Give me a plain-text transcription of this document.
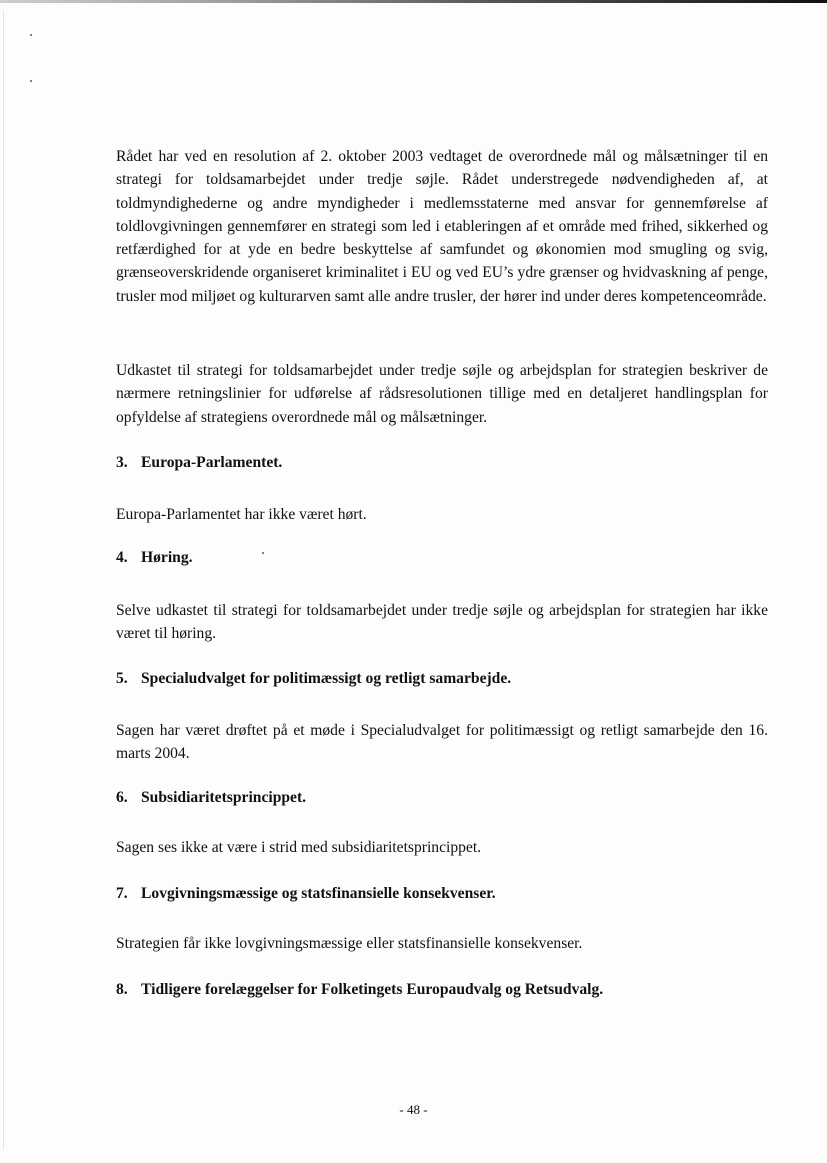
Rådet har ved en resolution af 2. oktober 2003 vedtaget de overordnede mål og målsætninger til en strategi for toldsamarbejdet under tredje søjle. Rådet understregede nødvendigheden af, at toldmyndighederne og andre myndigheder i medlemsstaterne med ansvar for gennemførelse af toldlovgivningen gennemfører en strategi som led i etableringen af et område med frihed, sikkerhed og retfærdighed for at yde en bedre beskyttelse af samfundet og økonomien mod smugling og svig, grænseoverskridende organiseret kriminalitet i EU og ved EU’s ydre grænser og hvidvaskning af penge, trusler mod miljøet og kulturarven samt alle andre trusler, der hører ind under deres kompetenceområde.

Udkastet til strategi for toldsamarbejdet under tredje søjle og arbejdsplan for strategien beskriver de nærmere retningslinier for udførelse af rådsresolutionen tillige med en detaljeret handlingsplan for opfyldelse af strategiens overordnede mål og målsætninger.

3. Europa-Parlamentet.

Europa-Parlamentet har ikke været hørt.

4. Høring.

Selve udkastet til strategi for toldsamarbejdet under tredje søjle og arbejdsplan for strategien har ikke været til høring.

5. Specialudvalget for politimæssigt og retligt samarbejde.

Sagen har været drøftet på et møde i Specialudvalget for politimæssigt og retligt samarbejde den 16. marts 2004.

6. Subsidiaritetsprincippet.

Sagen ses ikke at være i strid med subsidiaritetsprincippet.

7. Lovgivningsmæssige og statsfinansielle konsekvenser.

Strategien får ikke lovgivningsmæssige eller statsfinansielle konsekvenser.

8. Tidligere forelæggelser for Folketingets Europaudvalg og Retsudvalg.
- 48 -
